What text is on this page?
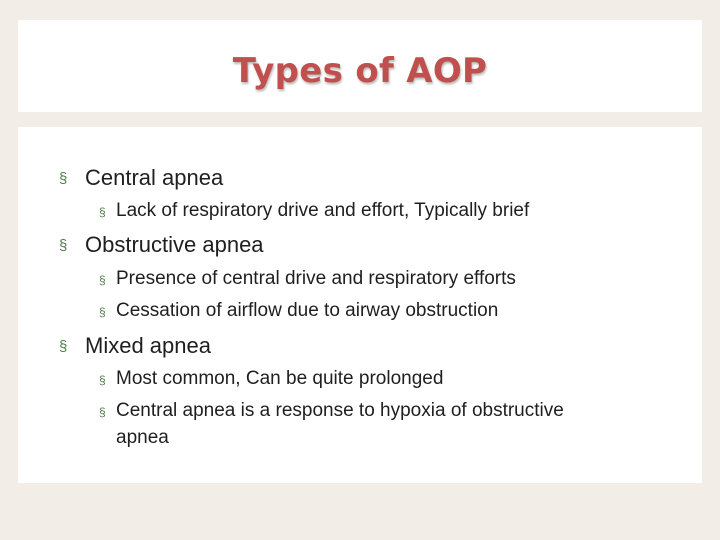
Types of AOP
§ Central apnea
§ Lack of respiratory drive and effort, Typically brief
§ Obstructive apnea
§ Presence of central drive and respiratory efforts
§ Cessation of airflow due to airway obstruction
§ Mixed apnea
§ Most common, Can be quite prolonged
§ Central apnea is a response to hypoxia of obstructive
apnea
